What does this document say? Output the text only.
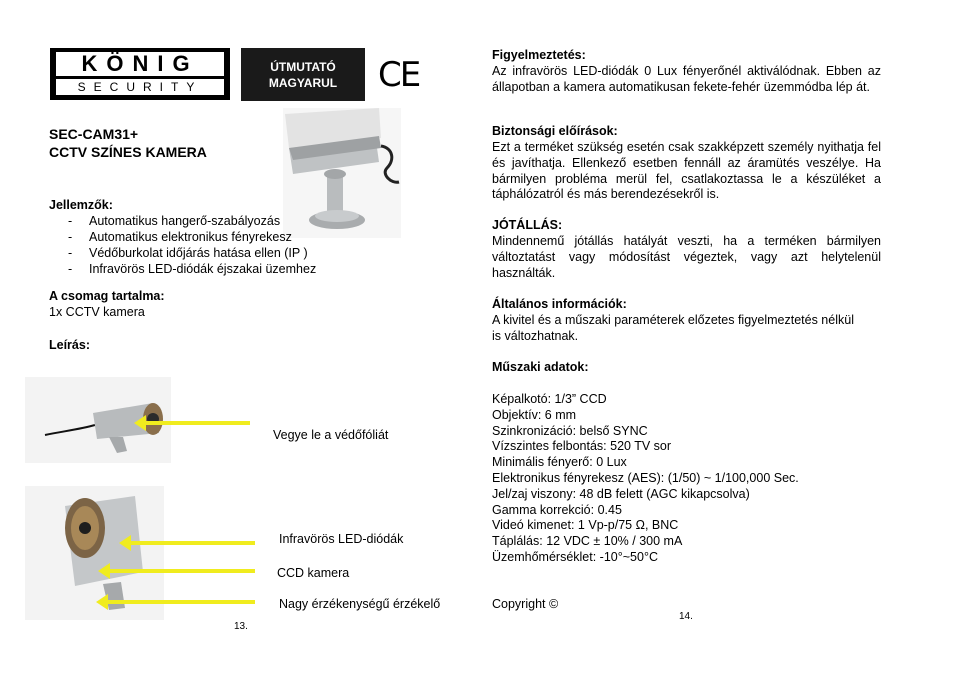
KÖNIG
SECURITY
ÚTMUTATÓ
MAGYARUL	CE
SEC-CAM31+
CCTV SZÍNES KAMERA
Jellemzők:
- Automatikus hangerő-szabályozás
- Automatikus elektronikus fényrekesz
- Védőburkolat időjárás hatása ellen (IP )
- Infravörös LED-diódák éjszakai üzemhez
A csomag tartalma:
1x CCTV kamera
Leírás:
Vegye le a védőfóliát
Infravörös LED-diódák
CCD kamera
Nagy érzékenységű érzékelő
13.
Figyelmeztetés:
Az infravörös LED-diódák 0 Lux fényerőnél aktiválódnak. Ebben az állapotban a kamera automatikusan fekete-fehér üzemmódba lép át.
Biztonsági előírások:
Ezt a terméket szükség esetén csak szakképzett személy nyithatja fel és javíthatja. Ellenkező esetben fennáll az áramütés veszélye. Ha bármilyen probléma merül fel, csatlakoztassa le a készüléket a táphálózatról és más berendezésekről is.
JÓTÁLLÁS:
Mindennemű jótállás hatályát veszti, ha a terméken bármilyen változtatást vagy módosítást végeztek, vagy azt helytelenül használták.
Általános információk:
A kivitel és a műszaki paraméterek előzetes figyelmeztetés nélkül is változhatnak.
Műszaki adatok:
Képalkotó: 1/3” CCD
Objektív: 6 mm
Szinkronizáció: belső SYNC
Vízszintes felbontás: 520 TV sor
Minimális fényerő: 0 Lux
Elektronikus fényrekesz (AES): (1/50) ~ 1/100,000 Sec.
Jel/zaj viszony: 48 dB felett (AGC kikapcsolva)
Gamma korrekció: 0.45
Videó kimenet: 1 Vp-p/75 Ω, BNC
Táplálás: 12 VDC ± 10% / 300 mA
Üzemhőmérséklet: -10°~50°C
Copyright ©
14.
